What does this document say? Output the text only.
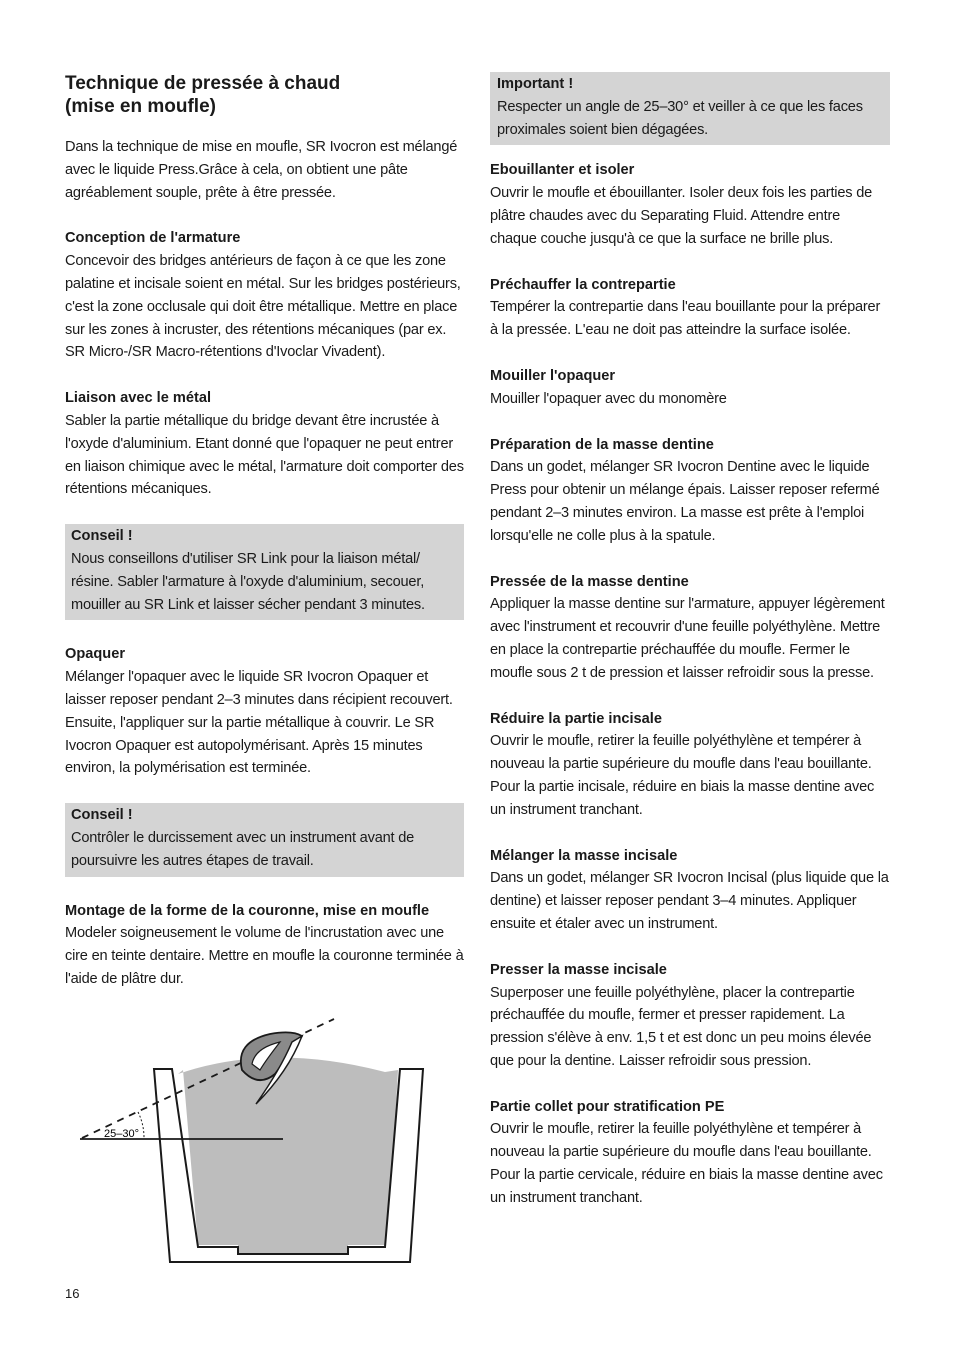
Technique de pressée à chaud
(mise en moufle)

Dans la technique de mise en moufle, SR Ivocron est mélangé avec le liquide Press.Grâce à cela, on obtient une pâte agréablement souple, prête à être pressée.

Conception de l'armature

Concevoir des bridges antérieurs de façon à ce que les zone palatine et incisale soient en métal. Sur les bridges postérieurs, c'est la zone occlusale qui doit être métallique. Mettre en place sur les zones à incruster, des rétentions mécaniques (par ex. SR Micro-/SR Macro-rétentions d'Ivoclar Vivadent).

Liaison avec le métal

Sabler la partie métallique du bridge devant être incrustée à l'oxyde d'aluminium. Etant donné que l'opaquer ne peut entrer en liaison chimique avec le métal, l'armature doit comporter des rétentions mécaniques.

Conseil !

Nous conseillons d'utiliser SR Link pour la liaison métal/ résine. Sabler l'armature à l'oxyde d'aluminium, secouer, mouiller au SR Link et laisser sécher pendant 3 minutes.

Opaquer

Mélanger l'opaquer avec le liquide SR Ivocron Opaquer et laisser reposer pendant 2–3 minutes dans récipient recouvert. Ensuite, l'appliquer sur la partie métallique à couvrir. Le SR Ivocron Opaquer est autopolymérisant. Après 15 minutes environ, la polymérisation est terminée.

Conseil !

Contrôler le durcissement avec un instrument avant de poursuivre les autres étapes de travail.

Montage de la forme de la couronne, mise en moufle

Modeler soigneusement le volume de l'incrustation avec une cire en teinte dentaire. Mettre en moufle la couronne terminée à l'aide de plâtre dur.

25–30°
Important !

Respecter un angle de 25–30° et veiller à ce que les faces proximales soient bien dégagées.

Ebouillanter et isoler

Ouvrir le moufle et ébouillanter. Isoler deux fois les parties de plâtre chaudes avec du Separating Fluid. Attendre entre chaque couche jusqu'à ce que la surface ne brille plus.

Préchauffer la contrepartie

Tempérer la contrepartie dans l'eau bouillante pour la préparer à la pressée. L'eau ne doit pas atteindre la surface isolée.

Mouiller l'opaquer

Mouiller l'opaquer avec du monomère

Préparation de la masse dentine

Dans un godet, mélanger SR Ivocron Dentine avec le liquide Press pour obtenir un mélange épais. Laisser reposer refermé pendant 2–3 minutes environ. La masse est prête à l'emploi lorsqu'elle ne colle plus à la spatule.

Pressée de la masse dentine

Appliquer la masse dentine sur l'armature, appuyer légèrement avec l'instrument et recouvrir d'une feuille polyéthylène. Mettre en place la contrepartie préchauffée du moufle. Fermer le moufle sous 2 t de pression et laisser refroidir sous la presse.

Réduire la partie incisale

Ouvrir le moufle, retirer la feuille polyéthylène et tempérer à nouveau la partie supérieure du moufle dans l'eau bouillante. Pour la partie incisale, réduire en biais la masse dentine avec un instrument tranchant.

Mélanger la masse incisale

Dans un godet, mélanger SR Ivocron Incisal (plus liquide que la dentine) et laisser reposer pendant 3–4 minutes. Appliquer ensuite et étaler avec un instrument.

Presser la masse incisale

Superposer une feuille polyéthylène, placer la contrepartie préchauffée du moufle, fermer et presser rapidement. La pression s'élève à env. 1,5 t et est donc un peu moins élevée que pour la dentine. Laisser refroidir sous pression.

Partie collet pour stratification PE

Ouvrir le moufle, retirer la feuille polyéthylène et tempérer à nouveau la partie supérieure du moufle dans l'eau bouillante. Pour la partie cervicale, réduire en biais la masse dentine avec un instrument tranchant.

16
